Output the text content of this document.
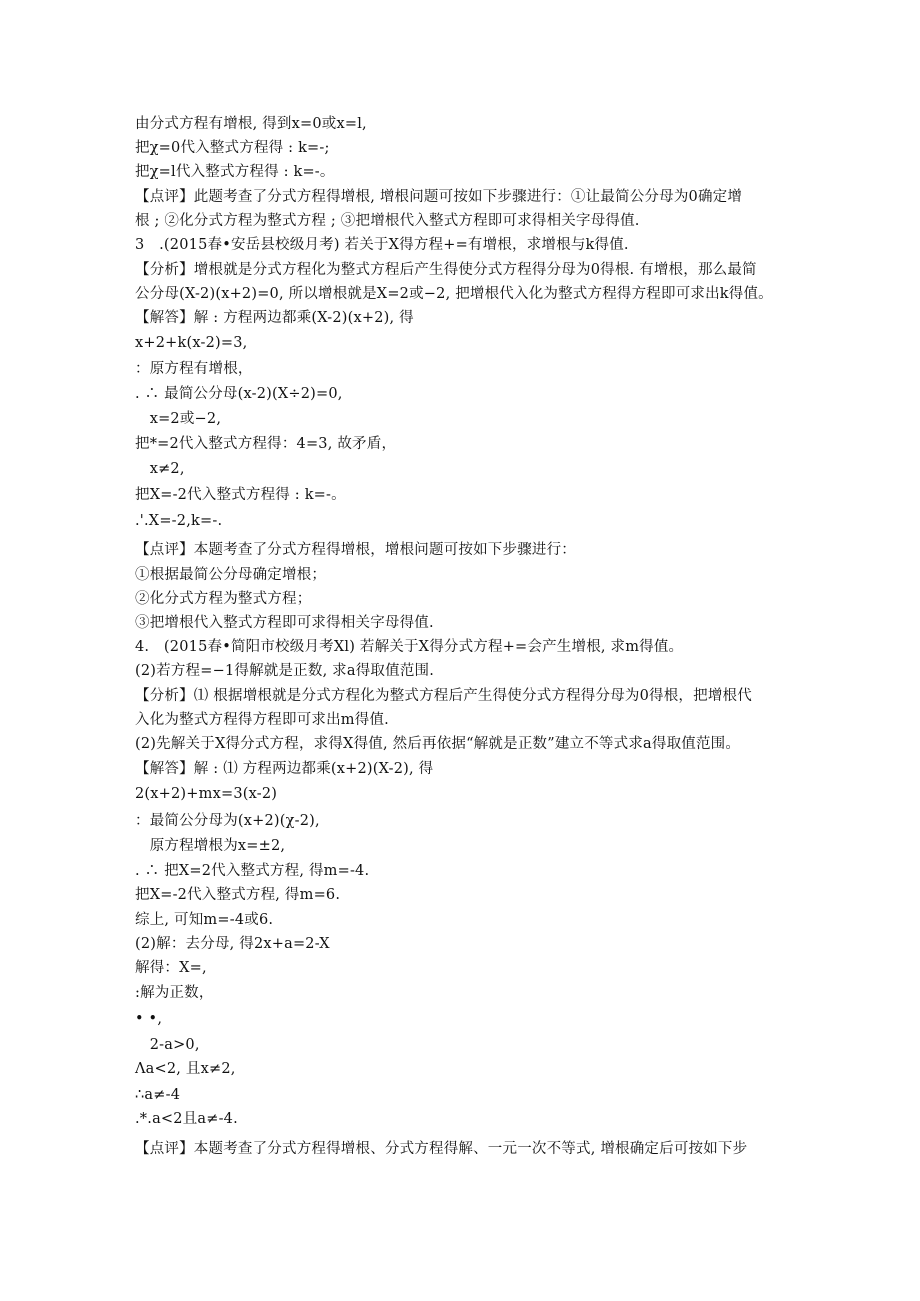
由分式方程有增根, 得到x=0或x=l,
把χ=0代入整式方程得 : k=-;
把χ=l代入整式方程得 : k=-。
【点评】此题考查了分式方程得增根, 增根问题可按如下步骤进行：①让最简公分母为0确定增
根 ; ②化分式方程为整式方程 ; ③把增根代入整式方程即可求得相关字母得值.
3　.(2015春•安岳县校级月考) 若关于X得方程+=有增根，求增根与k得值.
【分析】增根就是分式方程化为整式方程后产生得使分式方程得分母为0得根. 有增根，那么最简
公分母(X-2)(x+2)=0, 所以增根就是X=2或−2, 把增根代入化为整式方程得方程即可求出k得值。
【解答】解 : 方程两边都乘(X-2)(x+2), 得
x+2+k(x-2)=3,
：原方程有增根，
. ∴ 最简公分母(x-2)(X÷2)=0,
　x=2或−2,
把*=2代入整式方程得：4=3, 故矛盾，
　x≠2,
把X=-2代入整式方程得 : k=-。
.'.X=-2,k=-.
【点评】本题考查了分式方程得增根，增根问题可按如下步骤进行：
①根据最简公分母确定增根；
②化分式方程为整式方程；
③把增根代入整式方程即可求得相关字母得值.
4.　(2015春•简阳市校级月考Xl) 若解关于X得分式方程+=会产生增根, 求m得值。
(2)若方程=−1得解就是正数, 求a得取值范围.
【分析】⑴ 根据增根就是分式方程化为整式方程后产生得使分式方程得分母为0得根，把增根代
入化为整式方程得方程即可求出m得值.
(2)先解关于X得分式方程，求得X得值, 然后再依据“解就是正数”建立不等式求a得取值范围。
【解答】解 : ⑴ 方程两边都乘(x+2)(X-2), 得
2(x+2)+mx=3(x-2)
：最简公分母为(x+2)(χ-2),
　原方程增根为x=±2,
. ∴ 把X=2代入整式方程, 得m=-4.
把X=-2代入整式方程, 得m=6.
综上, 可知m=-4或6.
(2)解：去分母, 得2x+a=2-X
解得：X=,
:解为正数，
• •,
　2-a>0,
Λa<2, 且x≠2,
∴a≠-4
.*.a<2且a≠-4.
【点评】本题考查了分式方程得增根、分式方程得解、一元一次不等式, 增根确定后可按如下步
